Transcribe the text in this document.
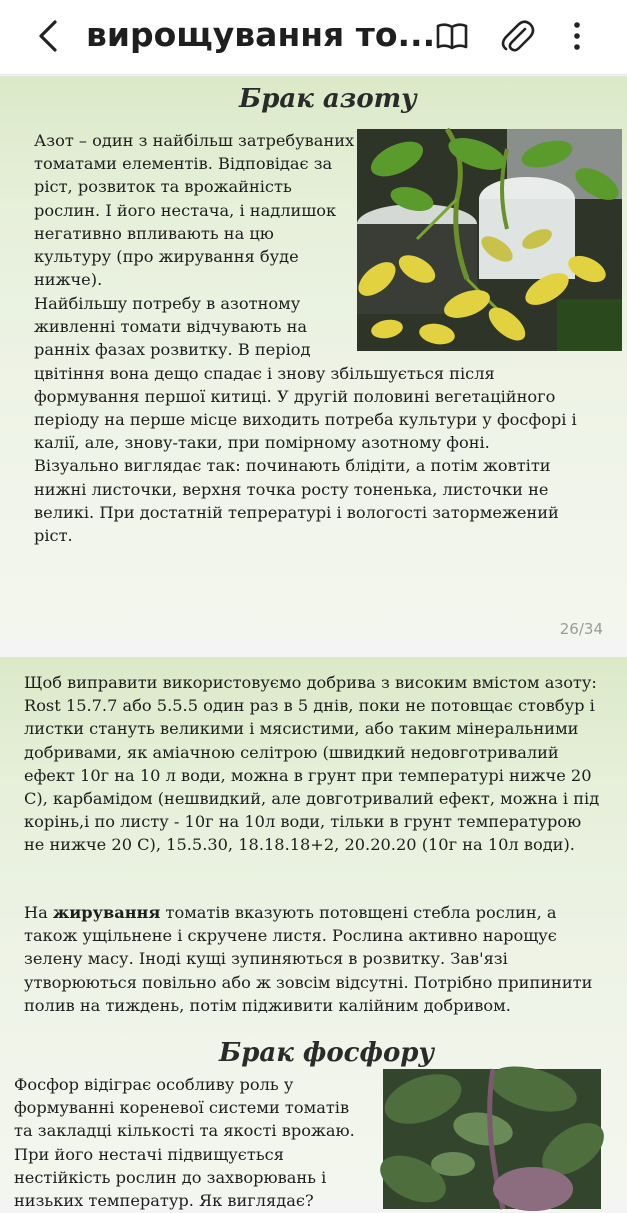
вирощування то...
Брак азоту

Азот – один з найбільш затребуваних томатами елементів. Відповідає за ріст, розвиток та врожайність рослин. І його нестача, і надлишок негативно впливають на цю культуру (про жирування буде нижче).

Найбільшу потребу в азотному
живленні томати відчувають на
ранніх фазах розвитку. В період
цвітіння вона дещо спадає і знову збільшується після
формування першої китиці. У другій половині вегетаційного
періоду на перше місце виходить потреба культури у фосфорі і
калії, але, знову-таки, при помірному азотному фоні.
Візуально виглядає так: починають блідіти, а потім жовтіти
нижні листочки, верхня точка росту тоненька, листочки не
великі. При достатній тепрературі і вологості затормежений
ріст.
26/34

Щоб виправити використовуємо добрива з високим вмістом азоту: Rost 15.7.7 або 5.5.5 один раз в 5 днів, поки не потовщає стовбур і листки стануть великими і мясистими, або таким мінеральними добривами, як аміачною селітрою (швидкий недовготривалий ефект 10г на 10 л води, можна в грунт при температурі нижче 20 С), карбамідом (нешвидкий, але довготривалий ефект, можна і під корінь,і по листу - 10г на 10л води, тільки в грунт температурою не нижче 20 С), 15.5.30, 18.18.18+2, 20.20.20 (10г на 10л води).

На жирування томатів вказують потовщені стебла рослин, а також ущільнене і скручене листя. Рослина активно нарощує зелену масу. Іноді кущі зупиняються в розвитку. Зав'язі утворюються повільно або ж зовсім відсутні. Потрібно припинити полив на тиждень, потім підживити калійним добривом.

Брак фосфору
Фосфор відіграє особливу роль у
формуванні кореневої системи томатів
та закладці кількості та якості врожаю.
При його нестачі підвищується
нестійкість рослин до захворювань і
низьких температур. Як виглядає?
